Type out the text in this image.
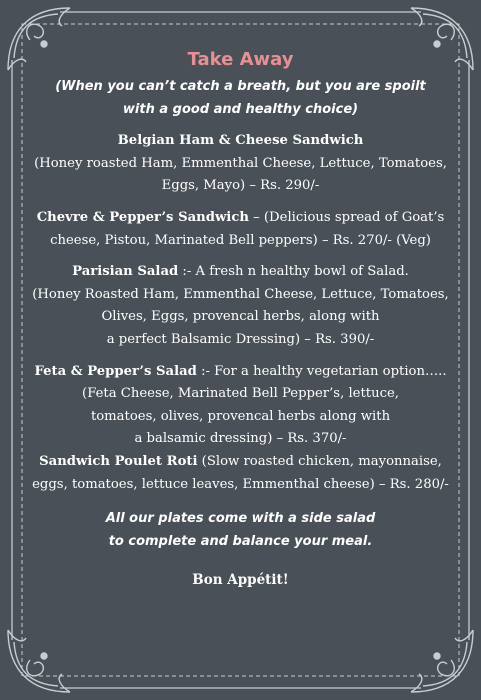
Take Away
(When you can’t catch a breath, but you are spoilt
with a good and healthy choice)
Belgian Ham & Cheese Sandwich
(Honey roasted Ham, Emmenthal Cheese, Lettuce, Tomatoes,
Eggs, Mayo) – Rs. 290/-
Chevre & Pepper’s Sandwich – (Delicious spread of Goat’s
cheese, Pistou, Marinated Bell peppers) – Rs. 270/- (Veg)
Parisian Salad :- A fresh n healthy bowl of Salad.
(Honey Roasted Ham, Emmenthal Cheese, Lettuce, Tomatoes,
Olives, Eggs, provencal herbs, along with
a perfect Balsamic Dressing) – Rs. 390/-
Feta & Pepper’s Salad :- For a healthy vegetarian option…..
(Feta Cheese, Marinated Bell Pepper’s, lettuce,
tomatoes, olives, provencal herbs along with
a balsamic dressing) – Rs. 370/-
Sandwich Poulet Roti (Slow roasted chicken, mayonnaise,
eggs, tomatoes, lettuce leaves, Emmenthal cheese) – Rs. 280/-
All our plates come with a side salad
to complete and balance your meal.
Bon Appétit!
